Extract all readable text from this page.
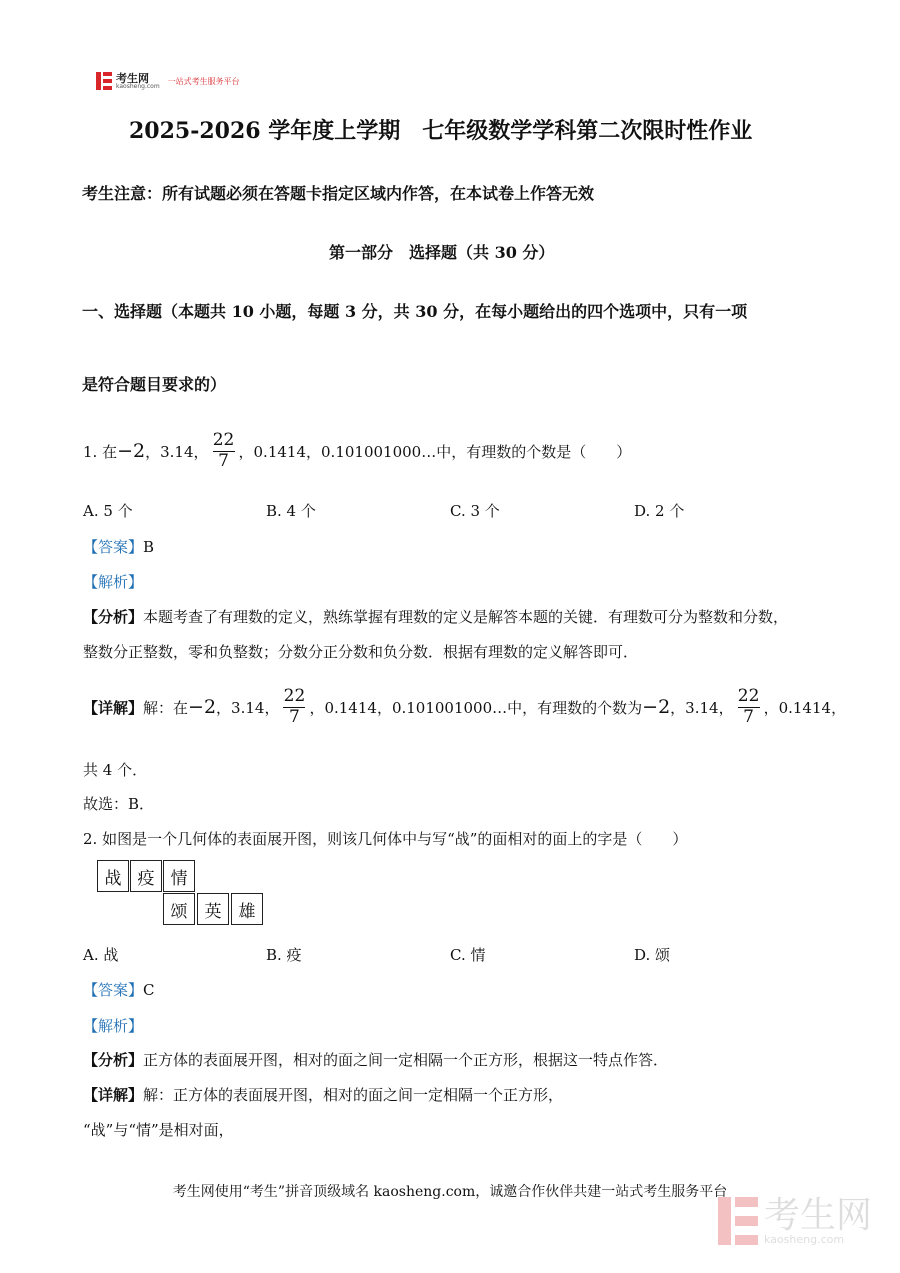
考生网
kaosheng.com
一站式考生服务平台
2025-2026 学年度上学期　七年级数学学科第二次限时性作业
考生注意：所有试题必须在答题卡指定区域内作答，在本试卷上作答无效
第一部分　选择题（共 30 分）
一、选择题（本题共 10 小题，每题 3 分，共 30 分，在每小题给出的四个选项中，只有一项
是符合题目要求的）
1. 在 −2 ，3.14， $\frac{22}{7}$ ，0.1414，0.101001000…中，有理数的个数是（　　）
A. 5 个	B. 4 个	C. 3 个	D. 2 个
【答案】B
【解析】
【分析】本题考查了有理数的定义，熟练掌握有理数的定义是解答本题的关键．有理数可分为整数和分数，
整数分正整数，零和负整数；分数分正分数和负分数．根据有理数的定义解答即可．
【详解】 解：在 −2 ，3.14， $\frac{22}{7}$ ，0.1414，0.101001000…中，有理数的个数为 −2 ，3.14， $\frac{22}{7}$ ，0.1414，
共 4 个．
故选：B．
2. 如图是一个几何体的表面展开图，则该几何体中与写“战”的面相对的面上的字是（　　）
战 疫 情
颂	英	雄
A. 战	B. 疫	C. 情	D. 颂
【答案】C
【解析】
【分析】正方体的表面展开图，相对的面之间一定相隔一个正方形，根据这一特点作答．
【详解】解：正方体的表面展开图，相对的面之间一定相隔一个正方形，
“战”与“情”是相对面，
考生网使用“考生”拼音顶级域名 kaosheng.com，诚邀合作伙伴共建一站式考生服务平台
考生网
kaosheng.com
